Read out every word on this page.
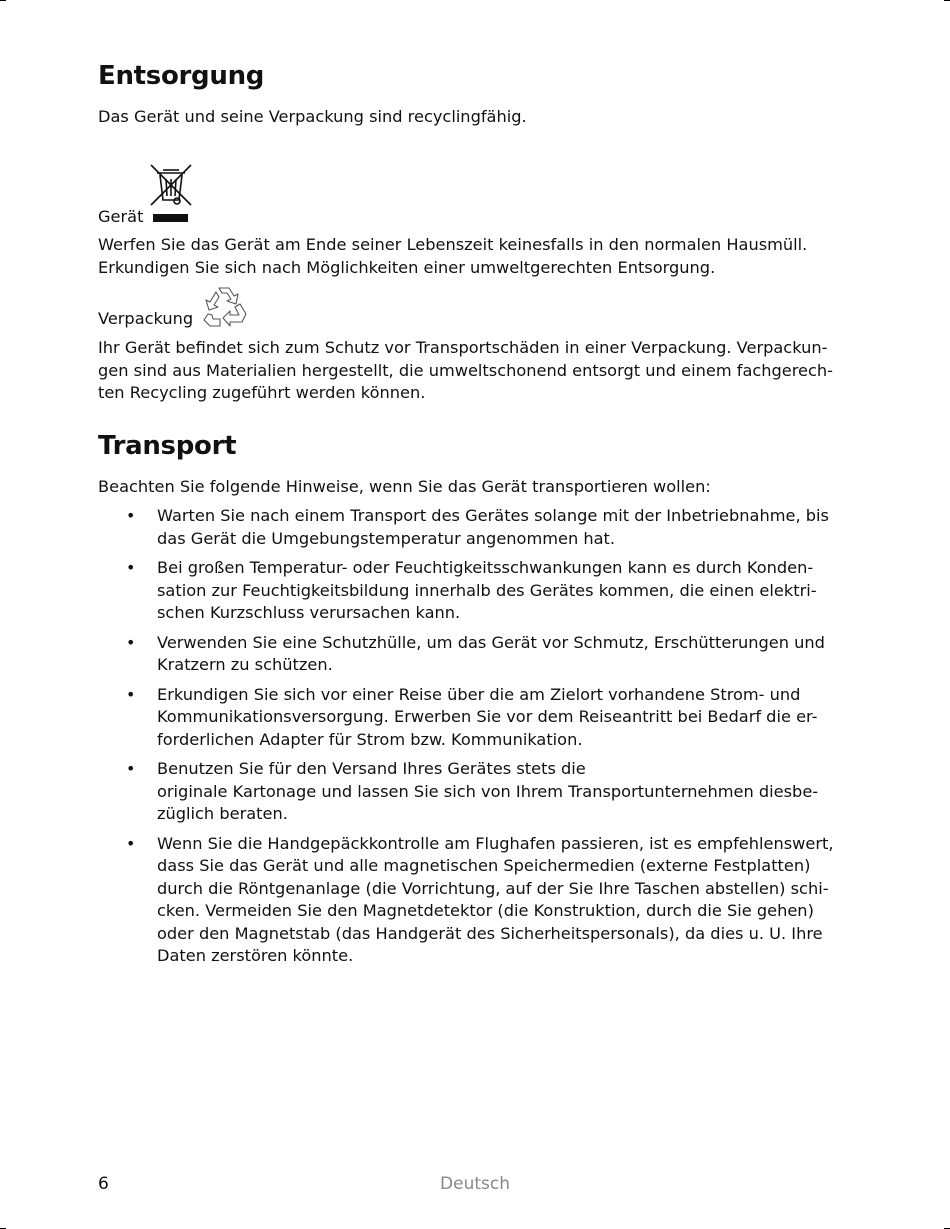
Entsorgung

Das Gerät und seine Verpackung sind recyclingfähig.

Gerät

Werfen Sie das Gerät am Ende seiner Lebenszeit keinesfalls in den normalen Hausmüll.
Erkundigen Sie sich nach Möglichkeiten einer umweltgerechten Entsorgung.

Verpackung

Ihr Gerät befindet sich zum Schutz vor Transportschäden in einer Verpackung. Verpackun-
gen sind aus Materialien hergestellt, die umweltschonend entsorgt und einem fachgerech-
ten Recycling zugeführt werden können.

Transport

Beachten Sie folgende Hinweise, wenn Sie das Gerät transportieren wollen:

• Warten Sie nach einem Transport des Gerätes solange mit der Inbetriebnahme, bis
das Gerät die Umgebungstemperatur angenommen hat.
• Bei großen Temperatur- oder Feuchtigkeitsschwankungen kann es durch Konden-
sation zur Feuchtigkeitsbildung innerhalb des Gerätes kommen, die einen elektri-
schen Kurzschluss verursachen kann.
• Verwenden Sie eine Schutzhülle, um das Gerät vor Schmutz, Erschütterungen und
Kratzern zu schützen.
• Erkundigen Sie sich vor einer Reise über die am Zielort vorhandene Strom- und
Kommunikationsversorgung. Erwerben Sie vor dem Reiseantritt bei Bedarf die er-
forderlichen Adapter für Strom bzw. Kommunikation.
• Benutzen Sie für den Versand Ihres Gerätes stets die
originale Kartonage und lassen Sie sich von Ihrem Transportunternehmen diesbe-
züglich beraten.
• Wenn Sie die Handgepäckkontrolle am Flughafen passieren, ist es empfehlenswert,
dass Sie das Gerät und alle magnetischen Speichermedien (externe Festplatten)
durch die Röntgenanlage (die Vorrichtung, auf der Sie Ihre Taschen abstellen) schi-
cken. Vermeiden Sie den Magnetdetektor (die Konstruktion, durch die Sie gehen)
oder den Magnetstab (das Handgerät des Sicherheitspersonals), da dies u. U. Ihre
Daten zerstören könnte.
6	Deutsch
